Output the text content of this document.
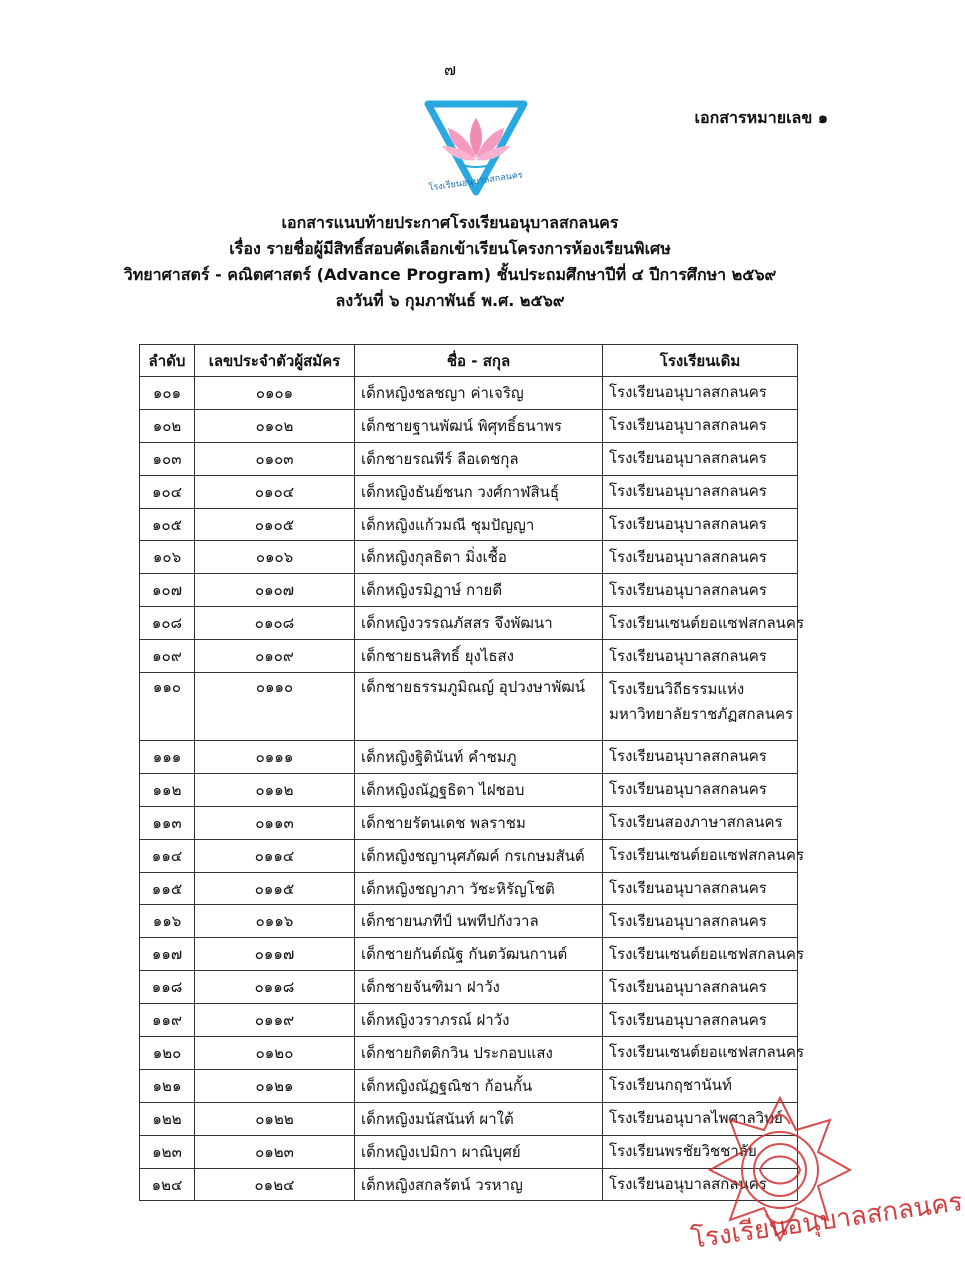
๗
เอกสารหมายเลข ๑
โรงเรียนอนุบาลสกลนคร
เอกสารแนบท้ายประกาศโรงเรียนอนุบาลสกลนคร
เรื่อง รายชื่อผู้มีสิทธิ์สอบคัดเลือกเข้าเรียนโครงการห้องเรียนพิเศษ
วิทยาศาสตร์ - คณิตศาสตร์ (Advance Program) ชั้นประถมศึกษาปีที่ ๔ ปีการศึกษา ๒๕๖๙
ลงวันที่ ๖ กุมภาพันธ์ พ.ศ. ๒๕๖๙
ลำดับ	เลขประจำตัวผู้สมัคร	ชื่อ - สกุล	โรงเรียนเดิม
๑๐๑	๐๑๐๑	เด็กหญิงชลชญา ค่าเจริญ	โรงเรียนอนุบาลสกลนคร

๑๐๒	๐๑๐๒	เด็กชายฐานพัฒน์ พิศุทธิ์ธนาพร	โรงเรียนอนุบาลสกลนคร

๑๐๓	๐๑๐๓	เด็กชายรณพีร์ ลือเดชกุล	โรงเรียนอนุบาลสกลนคร

๑๐๔	๐๑๐๔	เด็กหญิงธันย์ชนก วงศ์กาฬสินธุ์	โรงเรียนอนุบาลสกลนคร

๑๐๕	๐๑๐๕	เด็กหญิงแก้วมณี ชุมปัญญา	โรงเรียนอนุบาลสกลนคร

๑๐๖	๐๑๐๖	เด็กหญิงกุลธิดา มิ่งเชื้อ	โรงเรียนอนุบาลสกลนคร

๑๐๗	๐๑๐๗	เด็กหญิงรมิฏาษ์ กายดี	โรงเรียนอนุบาลสกลนคร

๑๐๘	๐๑๐๘	เด็กหญิงวรรณภัสสร จึงพัฒนา	โรงเรียนเซนต์ยอแซฟสกลนคร

๑๐๙	๐๑๐๙	เด็กชายธนสิทธิ์ ยุงไธสง	โรงเรียนอนุบาลสกลนคร

๑๑๐	๐๑๑๐	เด็กชายธรรมภูมิณญ์ อุปวงษาพัฒน์	โรงเรียนวิถีธรรมแห่ง
มหาวิทยาลัยราชภัฏสกลนคร

๑๑๑	๐๑๑๑	เด็กหญิงฐิตินันท์ คำชมภู	โรงเรียนอนุบาลสกลนคร

๑๑๒	๐๑๑๒	เด็กหญิงณัฏฐธิดา ไฝชอบ	โรงเรียนอนุบาลสกลนคร

๑๑๓	๐๑๑๓	เด็กชายรัตนเดช พลราชม	โรงเรียนสองภาษาสกลนคร

๑๑๔	๐๑๑๔	เด็กหญิงชญานุศภัฒค์ กรเกษมสันต์	โรงเรียนเซนต์ยอแซฟสกลนคร

๑๑๕	๐๑๑๕	เด็กหญิงชญาภา วัชะหิรัญโชติ	โรงเรียนอนุบาลสกลนคร

๑๑๖	๐๑๑๖	เด็กชายนภทีป์ นพทีปกังวาล	โรงเรียนอนุบาลสกลนคร

๑๑๗	๐๑๑๗	เด็กชายกันต์ณัฐ กันตวัฒนกานต์	โรงเรียนเซนต์ยอแซฟสกลนคร

๑๑๘	๐๑๑๘	เด็กชายจันฑิมา ฝาวัง	โรงเรียนอนุบาลสกลนคร

๑๑๙	๐๑๑๙	เด็กหญิงวราภรณ์ ฝาวัง	โรงเรียนอนุบาลสกลนคร

๑๒๐	๐๑๒๐	เด็กชายกิตติกวิน ประกอบแสง	โรงเรียนเซนต์ยอแซฟสกลนคร

๑๒๑	๐๑๒๑	เด็กหญิงณัฏฐณิชา ก้อนกั้น	โรงเรียนกฤชานันท์

๑๒๒	๐๑๒๒	เด็กหญิงมนัสนันท์ ผาใต้	โรงเรียนอนุบาลไพศาลวิทย์

๑๒๓	๐๑๒๓	เด็กหญิงเปมิกา ผาณิบุศย์	โรงเรียนพรชัยวิชชาลัย

๑๒๔	๐๑๒๔	เด็กหญิงสกลรัตน์ วรหาญ	โรงเรียนอนุบาลสกลนคร
โรงเรียนอนุบาลสกลนคร
